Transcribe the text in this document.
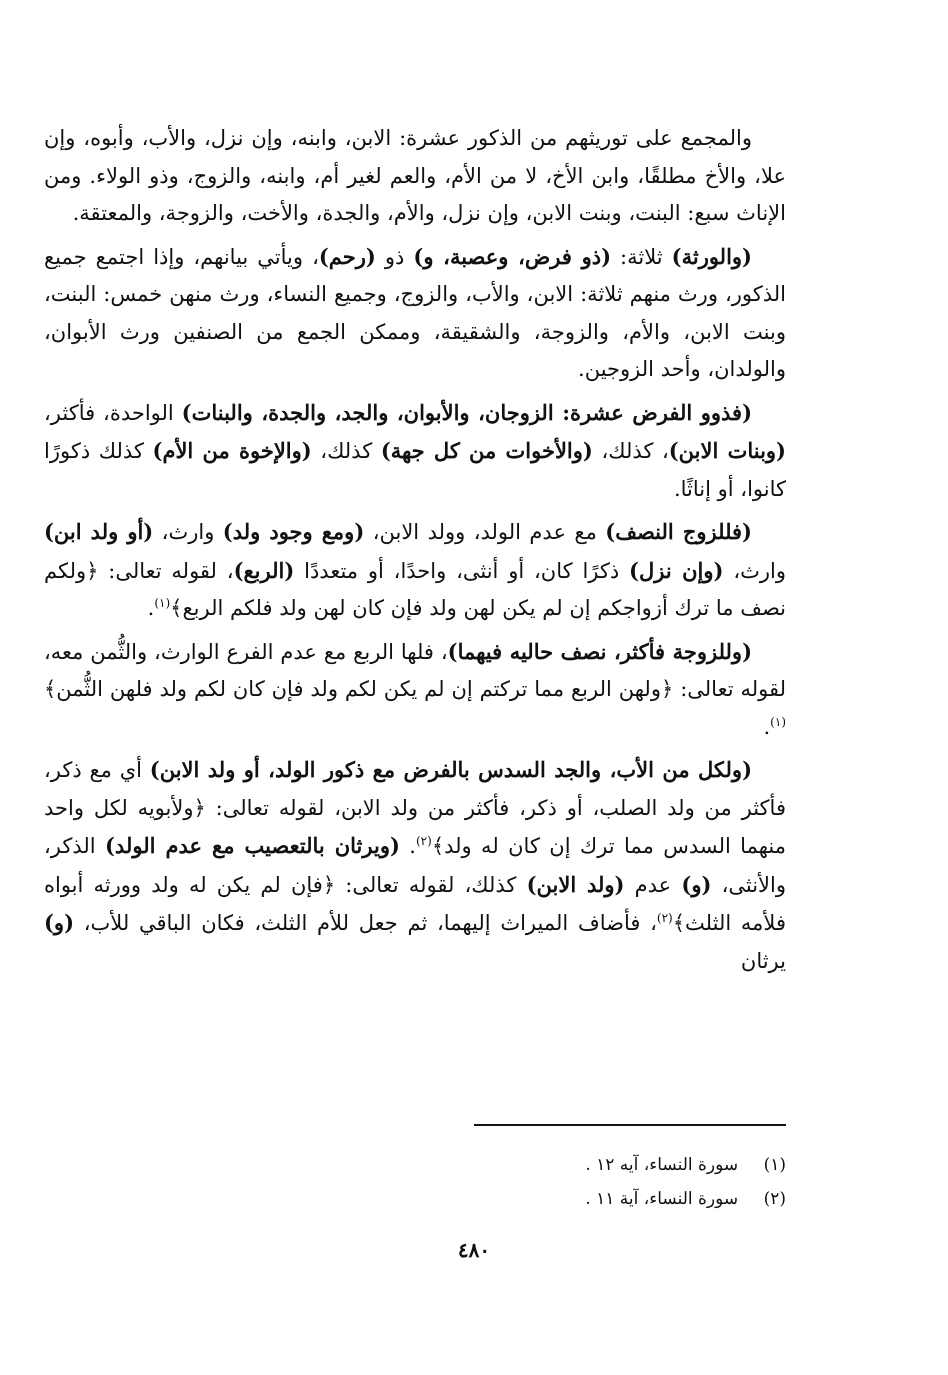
والمجمع على توريثهم من الذكور عشرة: الابن، وابنه، وإن نزل، والأب، وأبوه، وإن علا، والأخ مطلقًا، وابن الأخ، لا من الأم، والعم لغير أم، وابنه، والزوج، وذو الولاء. ومن الإناث سبع: البنت، وبنت الابن، وإن نزل، والأم، والجدة، والأخت، والزوجة، والمعتقة.

(والورثة) ثلاثة: (ذو فرض، وعصبة، و) ذو (رحم)، ويأتي بيانهم، وإذا اجتمع جميع الذكور، ورث منهم ثلاثة: الابن، والأب، والزوج، وجميع النساء، ورث منهن خمس: البنت، وبنت الابن، والأم، والزوجة، والشقيقة، وممكن الجمع من الصنفين ورث الأبوان، والولدان، وأحد الزوجين.

(فذوو الفرض عشرة: الزوجان، والأبوان، والجد، والجدة، والبنات) الواحدة، فأكثر، (وبنات الابن)، كذلك، (والأخوات من كل جهة) كذلك، (والإخوة من الأم) كذلك ذكورًا كانوا، أو إناثًا.

(فللزوج النصف) مع عدم الولد، وولد الابن، (ومع وجود ولد) وارث، (أو ولد ابن) وارث، (وإن نزل) ذكرًا كان، أو أنثى، واحدًا، أو متعددًا (الربع)، لقوله تعالى: ﴿ولكم نصف ما ترك أزواجكم إن لم يكن لهن ولد فإن كان لهن ولد فلكم الربع﴾$^{(١)}$.

(وللزوجة فأكثر، نصف حاليه فيهما)، فلها الربع مع عدم الفرع الوارث، والثُّمن معه، لقوله تعالى: ﴿ولهن الربع مما تركتم إن لم يكن لكم ولد فإن كان لكم ولد فلهن الثُّمن﴾$^{(١)}$.

(ولكل من الأب، والجد السدس بالفرض مع ذكور الولد، أو ولد الابن) أي مع ذكر، فأكثر من ولد الصلب، أو ذكر، فأكثر من ولد الابن، لقوله تعالى: ﴿ولأبويه لكل واحد منهما السدس مما ترك إن كان له ولد﴾$^{(٢)}$. (ويرثان بالتعصيب مع عدم الولد) الذكر، والأنثى، (و) عدم (ولد الابن) كذلك، لقوله تعالى: ﴿فإن لم يكن له ولد وورثه أبواه فلأمه الثلث﴾$^{(٢)}$، فأضاف الميراث إليهما، ثم جعل للأم الثلث، فكان الباقي للأب، (و) يرثان

(١) سورة النساء، آيه ١٢ .
(٢) سورة النساء، آية ١١ .
٤٨٠
